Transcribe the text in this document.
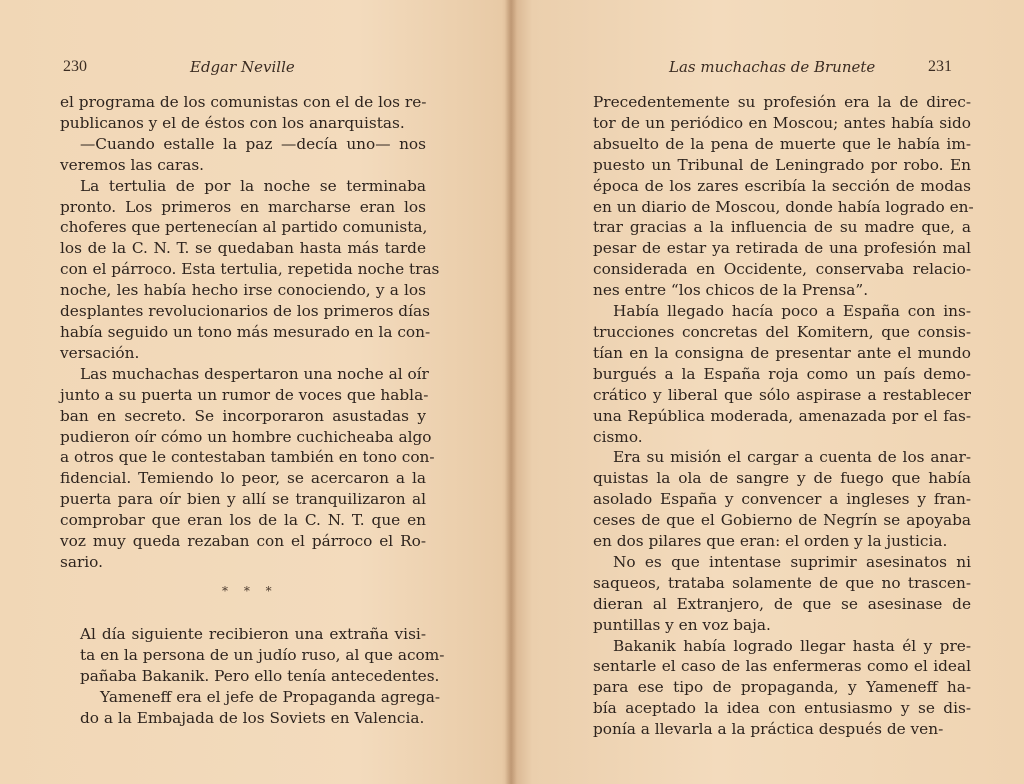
230	Edgar Neville
el programa de los comunistas con el de los re-
publicanos y el de éstos con los anarquistas.
—Cuando estalle la paz —decía uno— nos
veremos las caras.
La tertulia de por la noche se terminaba
pronto. Los primeros en marcharse eran los
choferes que pertenecían al partido comunista,
los de la C. N. T. se quedaban hasta más tarde
con el párroco. Esta tertulia, repetida noche tras
noche, les había hecho irse conociendo, y a los
desplantes revolucionarios de los primeros días
había seguido un tono más mesurado en la con-
versación.
Las muchachas despertaron una noche al oír
junto a su puerta un rumor de voces que habla-
ban en secreto. Se incorporaron asustadas y
pudieron oír cómo un hombre cuchicheaba algo
a otros que le contestaban también en tono con-
fidencial. Temiendo lo peor, se acercaron a la
puerta para oír bien y allí se tranquilizaron al
comprobar que eran los de la C. N. T. que en
voz muy queda rezaban con el párroco el Ro-
sario.
* * *
Al día siguiente recibieron una extraña visi-
ta en la persona de un judío ruso, al que acom-
pañaba Bakanik. Pero ello tenía antecedentes.
Yameneff era el jefe de Propaganda agrega-
do a la Embajada de los Soviets en Valencia.
Las muchachas de Brunete	231
Precedentemente su profesión era la de direc-
tor de un periódico en Moscou; antes había sido
absuelto de la pena de muerte que le había im-
puesto un Tribunal de Leningrado por robo. En
época de los zares escribía la sección de modas
en un diario de Moscou, donde había logrado en-
trar gracias a la influencia de su madre que, a
pesar de estar ya retirada de una profesión mal
considerada en Occidente, conservaba relacio-
nes entre “los chicos de la Prensa”.
Había llegado hacía poco a España con ins-
trucciones concretas del Komitern, que consis-
tían en la consigna de presentar ante el mundo
burgués a la España roja como un país demo-
crático y liberal que sólo aspirase a restablecer
una República moderada, amenazada por el fas-
cismo.
Era su misión el cargar a cuenta de los anar-
quistas la ola de sangre y de fuego que había
asolado España y convencer a ingleses y fran-
ceses de que el Gobierno de Negrín se apoyaba
en dos pilares que eran: el orden y la justicia.
No es que intentase suprimir asesinatos ni
saqueos, trataba solamente de que no trascen-
dieran al Extranjero, de que se asesinase de
puntillas y en voz baja.
Bakanik había logrado llegar hasta él y pre-
sentarle el caso de las enfermeras como el ideal
para ese tipo de propaganda, y Yameneff ha-
bía aceptado la idea con entusiasmo y se dis-
ponía a llevarla a la práctica después de ven-
